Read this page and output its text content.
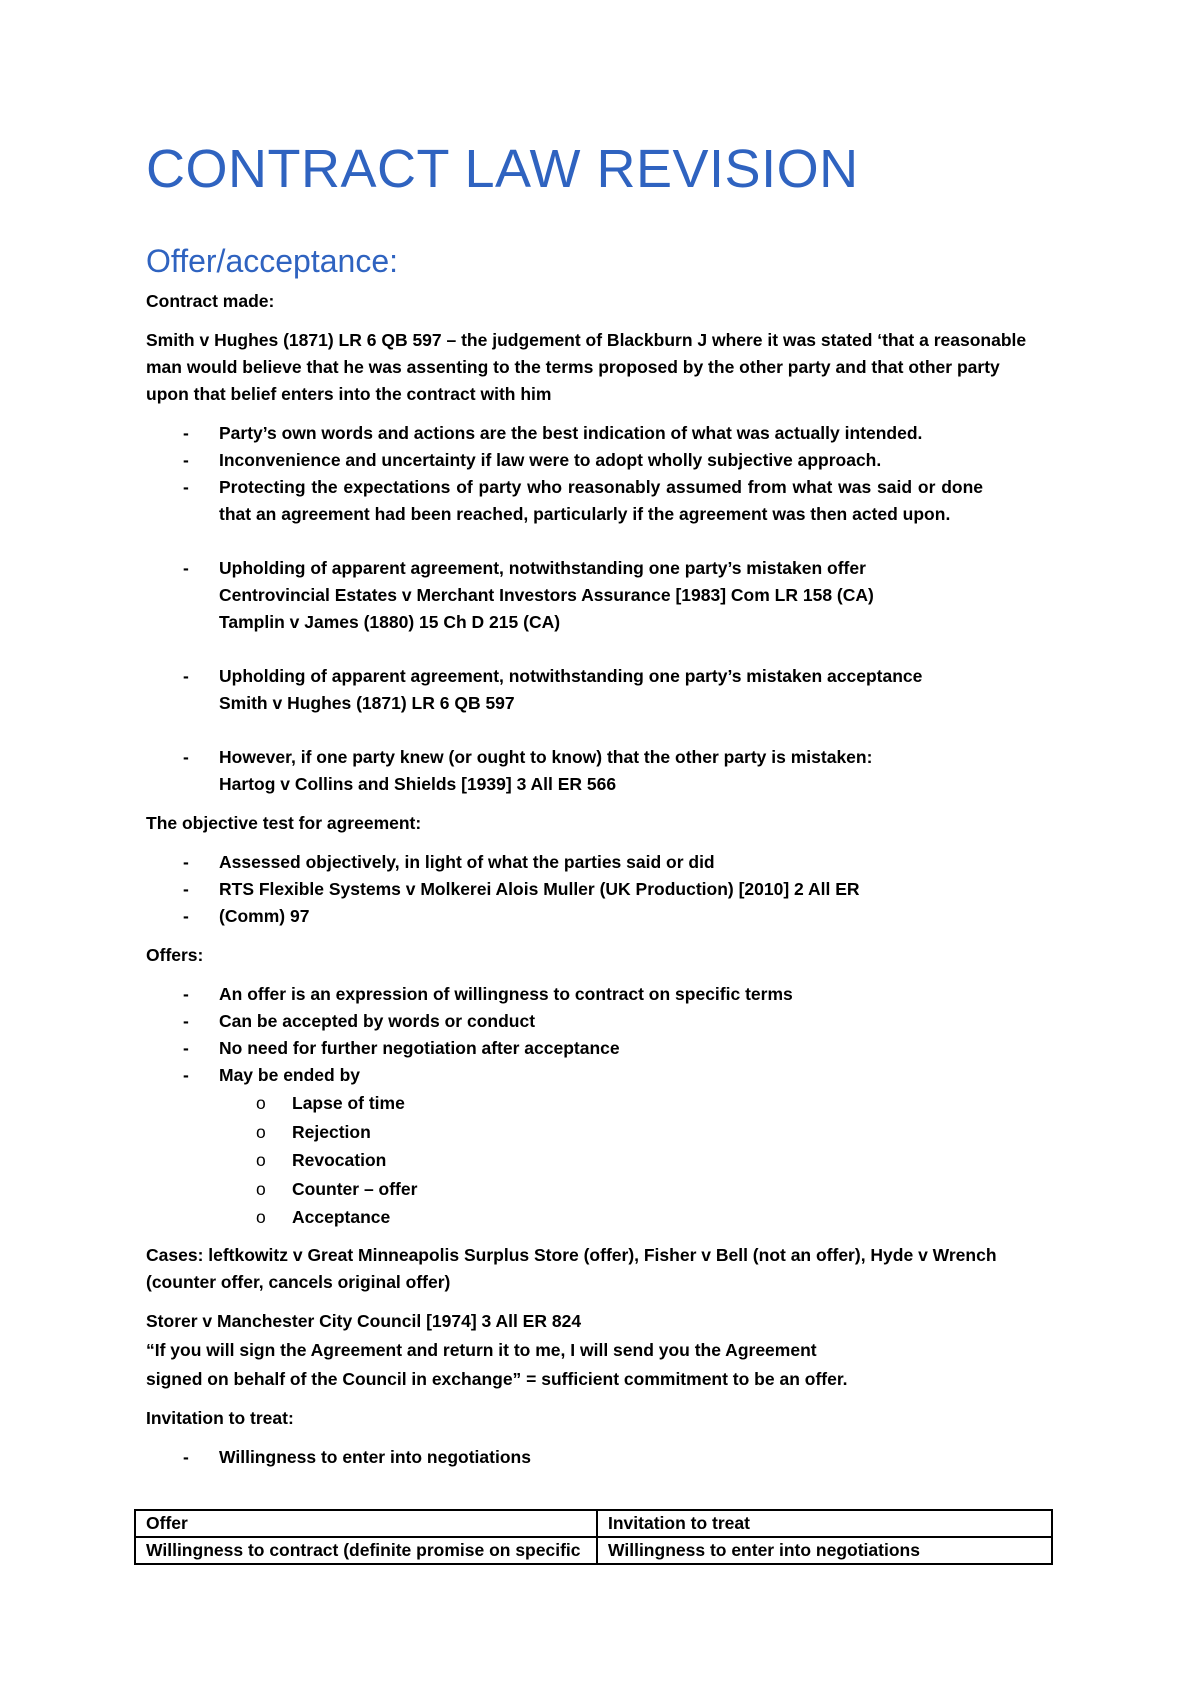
CONTRACT LAW REVISION
Offer/acceptance:

Contract made:

Smith v Hughes (1871) LR 6 QB 597 – the judgement of Blackburn J where it was stated ‘that a reasonable man would believe that he was assenting to the terms proposed by the other party and that other party upon that belief enters into the contract with him

- Party’s own words and actions are the best indication of what was actually intended.
- Inconvenience and uncertainty if law were to adopt wholly subjective approach.
- Protecting the expectations of party who reasonably assumed from what was said or done that an agreement had been reached, particularly if the agreement was then acted upon.
- Upholding of apparent agreement, notwithstanding one party’s mistaken offer
Centrovincial Estates v Merchant Investors Assurance [1983] Com LR 158 (CA)
Tamplin v James (1880) 15 Ch D 215 (CA)
- Upholding of apparent agreement, notwithstanding one party’s mistaken acceptance
Smith v Hughes (1871) LR 6 QB 597
- However, if one party knew (or ought to know) that the other party is mistaken:
Hartog v Collins and Shields [1939] 3 All ER 566

The objective test for agreement:

- Assessed objectively, in light of what the parties said or did
- RTS Flexible Systems v Molkerei Alois Muller (UK Production) [2010] 2 All ER
- (Comm) 97

Offers:

- An offer is an expression of willingness to contract on specific terms
- Can be accepted by words or conduct
- No need for further negotiation after acceptance
- May be ended by
o Lapse of time
o Rejection
o Revocation
o Counter – offer
o Acceptance

Cases: leftkowitz v Great Minneapolis Surplus Store (offer), Fisher v Bell (not an offer), Hyde v Wrench (counter offer, cancels original offer)

Storer v Manchester City Council [1974] 3 All ER 824

“If you will sign the Agreement and return it to me, I will send you the Agreement

signed on behalf of the Council in exchange” = sufficient commitment to be an offer.

Invitation to treat:

- Willingness to enter into negotiations
Offer	Invitation to treat
Willingness to contract (definite promise on specific	Willingness to enter into negotiations
